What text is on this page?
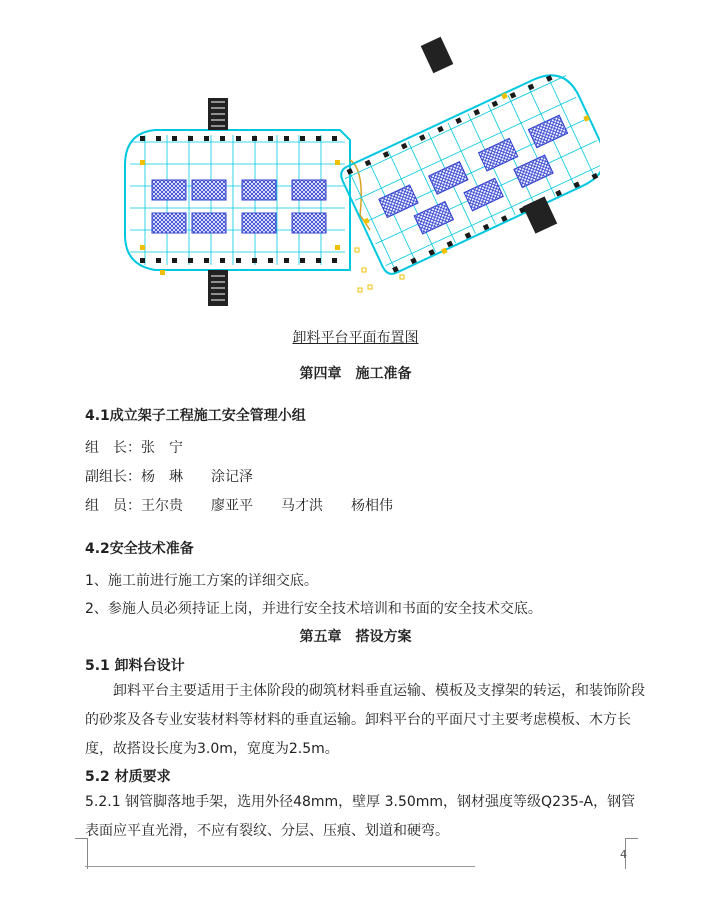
卸料平台平面布置图
第四章　施工准备
4.1成立架子工程施工安全管理小组
组　长：张　宁
副组长：杨　琳　　涂记泽
组　员：王尔贵　　廖亚平　　马才洪　　杨相伟
4.2安全技术准备
1、施工前进行施工方案的详细交底。
2、参施人员必须持证上岗，并进行安全技术培训和书面的安全技术交底。
第五章　搭设方案
5.1 卸料台设计
卸料平台主要适用于主体阶段的砌筑材料垂直运输、模板及支撑架的转运，和装饰阶段的砂浆及各专业安装材料等材料的垂直运输。卸料平台的平面尺寸主要考虑模板、木方长度，故搭设长度为3.0m，宽度为2.5m。
5.2 材质要求
5.2.1 钢管脚落地手架，选用外径48mm，壁厚 3.50mm，钢材强度等级Q235-A，钢管表面应平直光滑，不应有裂纹、分层、压痕、划道和硬弯。
4
